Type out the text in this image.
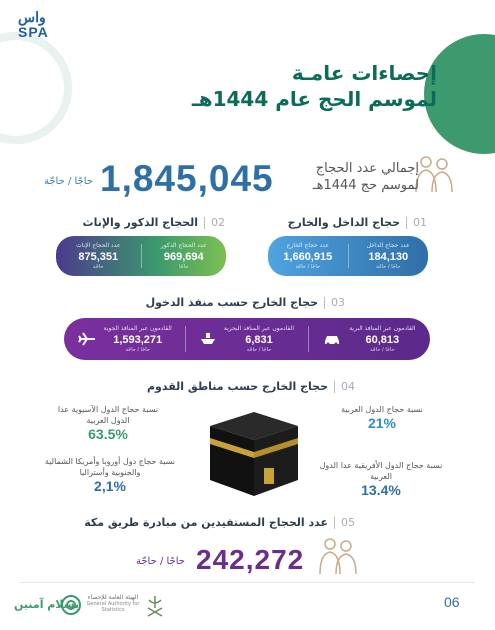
واس
SPA
إحصاءات عامـة
لموسم الحج عام 1444هـ
إجمالي عدد الحجاج
لموسم حج 1444هـ
1,845,045
حاجًا / حاجّة
01
حجاج الداخل والخارج
عدد حجاج الداخل
184,130
حاجًا / حاجّة
عدد حجاج الخارج
1,660,915
حاجًا / حاجّة
02
الحجاج الذكور والإناث
عدد الحجاج الذكور
969,694
حاجًا
عدد الحجاج الإناث
875,351
حاجّة
03
حجاج الخارج حسب منفذ الدخول
القادمون عبر المنافذ البرية
60,813
حاجًا / حاجّة
القادمون عبر المنافذ البحرية
6,831
حاجًا / حاجّة
القادمون عبر المنافذ الجوية
1,593,271
حاجًا / حاجّة
04
حجاج الخارج حسب مناطق القدوم
نسبة حجاج الدول العربية
21%
نسبة حجاج الدول الأفريقية عدا الدول العربية
13.4%
نسبة حجاج الدول الآسيوية عدا الدول العربية
63.5%
نسبة حجاج دول أوروبا وأمريكا الشمالية والجنوبية وأستراليا
2,1%
05
عدد الحجاج المستفيدين من مبادرة طريق مكة
242,272
حاجًا / حاجّة
بسلام آمنين
الهيئة العامة للإحصاء
General Authority for Statistics	06
